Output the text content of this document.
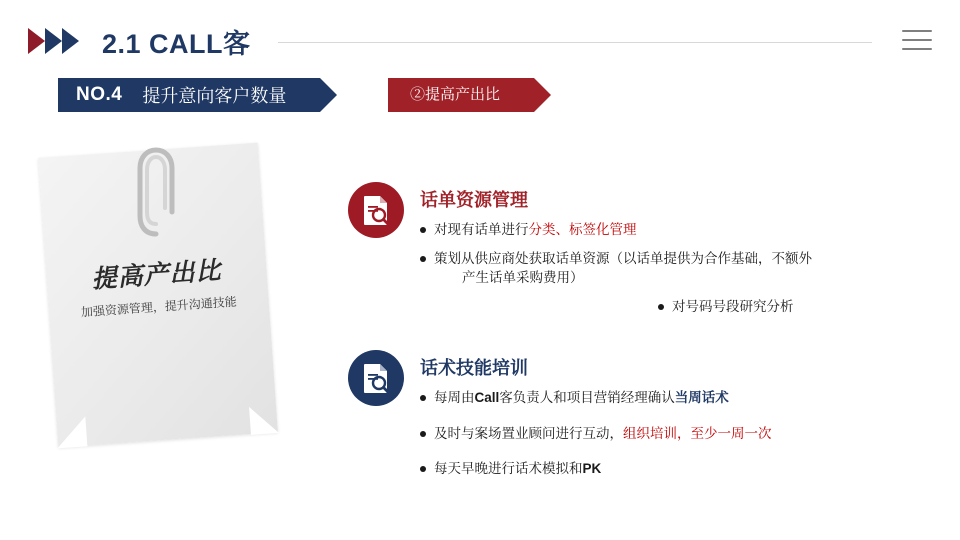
2.1 CALL客
NO.4 提升意向客户数量	②提高产出比
提高产出比
加强资源管理，提升沟通技能
话单资源管理
对现有话单进行分类、标签化管理
策划从供应商处获取话单资源（以话单提供为合作基础，不额外
产生话单采购费用）
对号码号段研究分析
话术技能培训
每周由Call客负责人和项目营销经理确认当周话术
及时与案场置业顾问进行互动，组织培训，至少一周一次
每天早晚进行话术模拟和PK
